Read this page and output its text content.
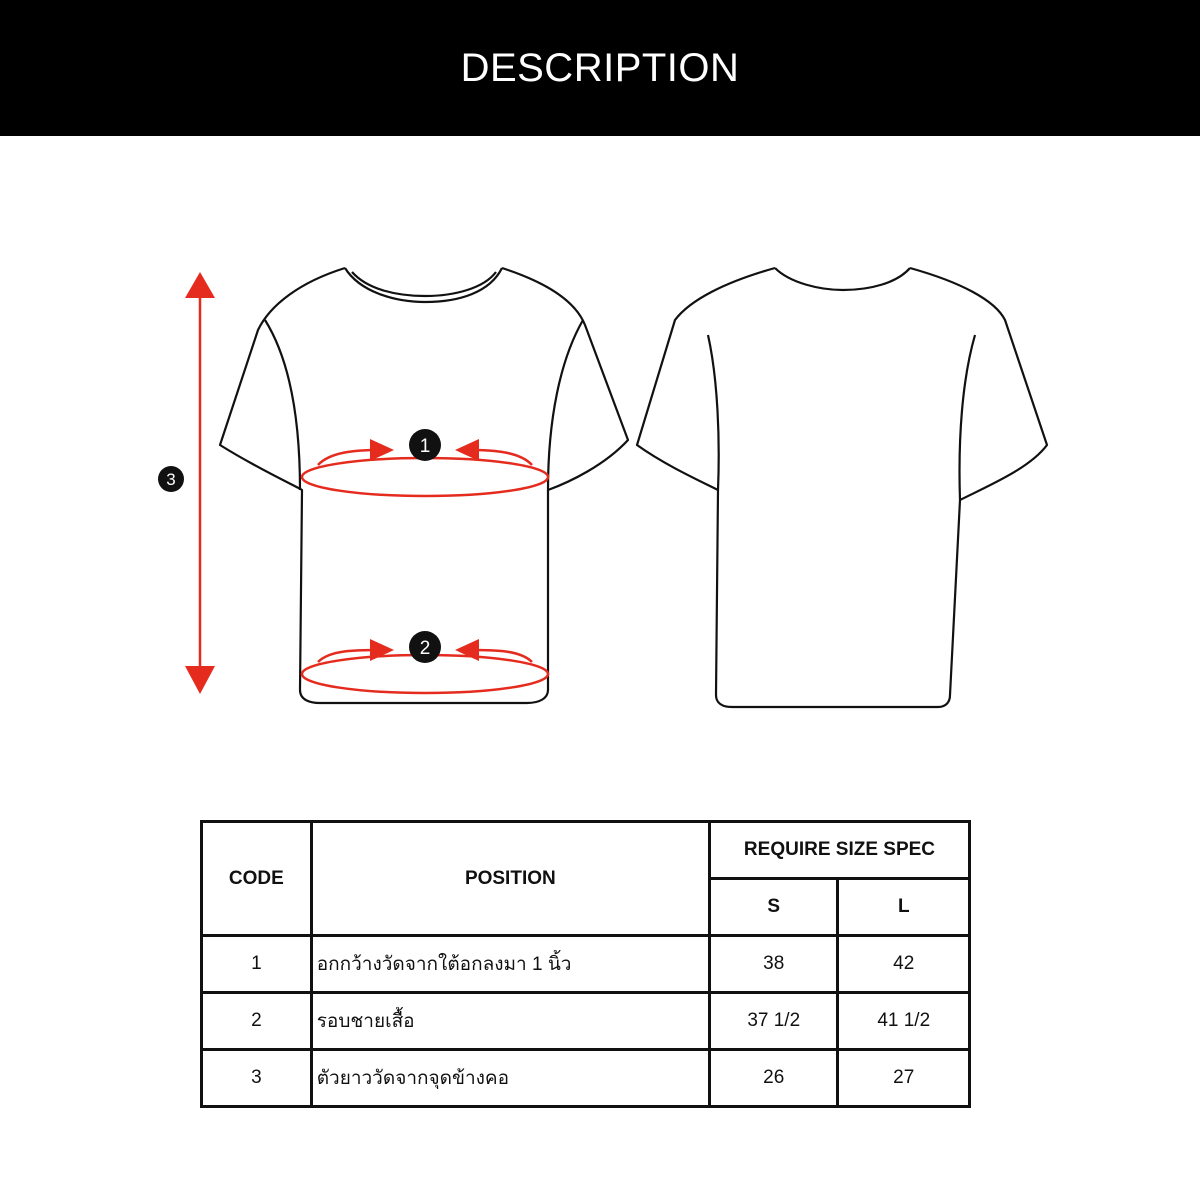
DESCRIPTION
3
1
2
CODE	POSITION	REQUIRE SIZE SPEC	
		S	L
1	อกกว้างวัดจากใต้อกลงมา 1 นิ้ว	38	42
2	รอบชายเสื้อ	37 1/2	41 1/2
3	ตัวยาววัดจากจุดข้างคอ	26	27
